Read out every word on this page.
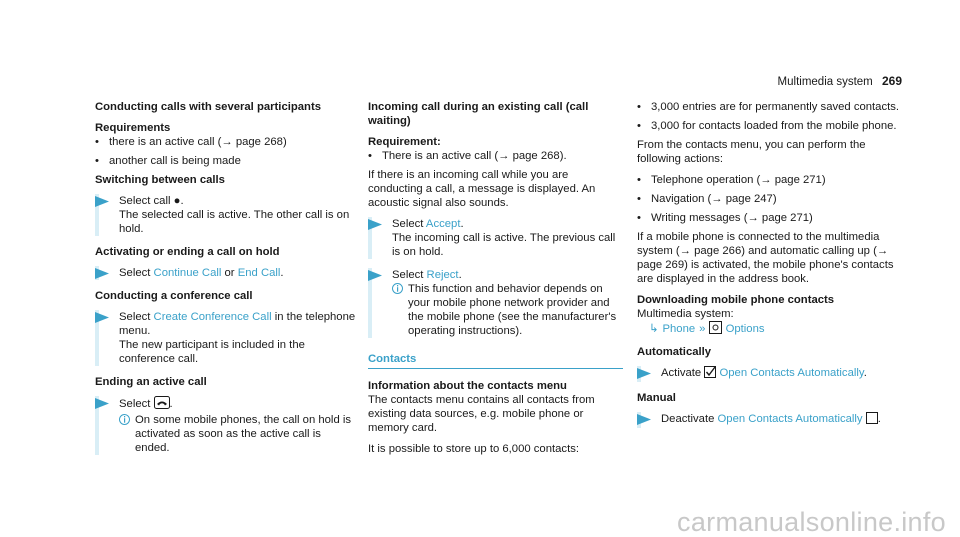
Multimedia system 269
Conducting calls with several participants
Requirements
• there is an active call (→ page 268)
• another call is being made
Switching between calls
Select call ●.
The selected call is active. The other call is on hold.
Activating or ending a call on hold
Select Continue Call or End Call.
Conducting a conference call
Select Create Conference Call in the telephone menu.
The new participant is included in the conference call.
Ending an active call
Select .
On some mobile phones, the call on hold is activated as soon as the active call is ended.
Incoming call during an existing call (call waiting)
Requirement:
• There is an active call (→ page 268).
If there is an incoming call while you are conducting a call, a message is displayed. An acoustic signal also sounds.
Select Accept.
The incoming call is active. The previous call is on hold.
Select Reject.
This function and behavior depends on your mobile phone network provider and the mobile phone (see the manufacturer's operating instructions).
Contacts
Information about the contacts menu
The contacts menu contains all contacts from existing data sources, e.g. mobile phone or memory card.
It is possible to store up to 6,000 contacts:
• 3,000 entries are for permanently saved contacts.
• 3,000 for contacts loaded from the mobile phone.
From the contacts menu, you can perform the following actions:
• Telephone operation (→ page 271)
• Navigation (→ page 247)
• Writing messages (→ page 271)
If a mobile phone is connected to the multimedia system (→ page 266) and automatic calling up (→ page 269) is activated, the mobile phone's contacts are displayed in the address book.
Downloading mobile phone contacts
Multimedia system:
↳ Phone » Options
Automatically
Activate  Open Contacts Automatically.
Manual
Deactivate Open Contacts Automatically .
carmanualsonline.info
